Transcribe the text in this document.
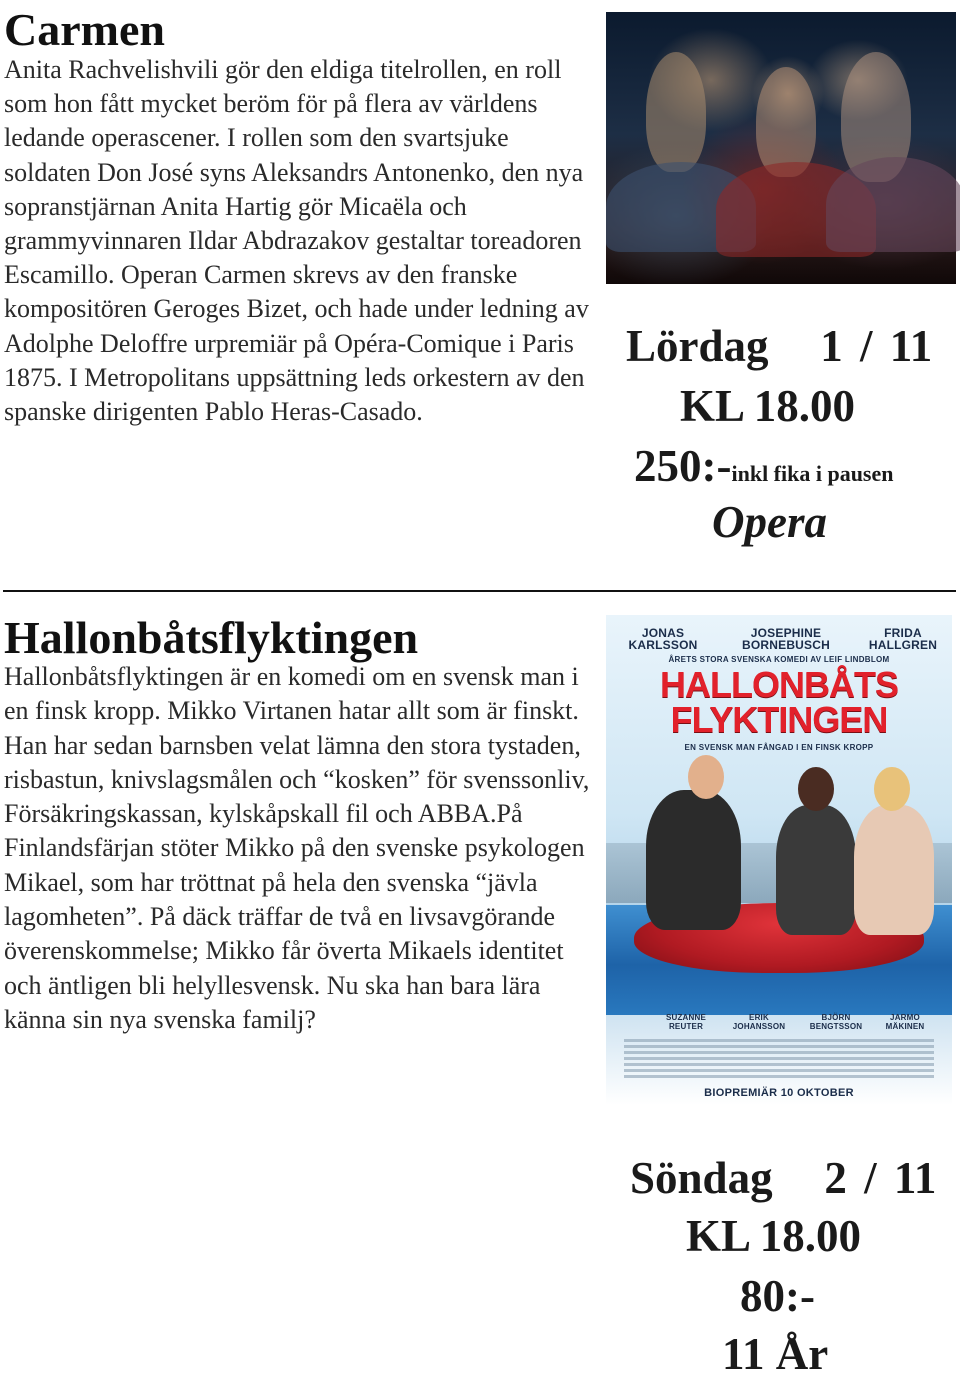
Carmen

Anita Rachvelishvili gör den eldiga titelrollen, en roll som hon fått mycket beröm för på flera av världens ledande operascener. I rollen som den svartsjuke soldaten Don José syns Aleksandrs Antonenko, den nya sopranstjärnan Anita Hartig gör Micaëla och grammyvinnaren Ildar Abdrazakov gestaltar toreadoren Escamillo. Operan Carmen skrevs av den franske kompositören Geroges Bizet, och hade under ledning av Adolphe Deloffre urpremiär på Opéra-Comique i Paris 1875. I Metropolitans uppsättning leds orkestern av den spanske dirigenten Pablo Heras-Casado.

Lördag   1 / 11
KL 18.00
250:-inkl fika i pausen
Opera
Hallonbåtsflyktingen

Hallonbåtsflyktingen är en komedi om en svensk man i en finsk kropp. Mikko Virtanen hatar allt som är finskt. Han har sedan barnsben velat lämna den stora tystaden, risbastun, knivslagsmålen och “kosken” för svenssonliv, Försäkringskassan, kylskåpskall fil och ABBA.På Finlandsfärjan stöter Mikko på den svenske psykologen Mikael, som har tröttnat på hela den svenska “jävla lagomheten”. På däck träffar de två en livsavgörande överenskommelse; Mikko får överta Mikaels identitet och äntligen bli helyllesvensk. Nu ska han bara lära känna sin nya svenska familj?

JONAS
KARLSSON
JOSEPHINE
BORNEBUSCH
FRIDA
HALLGREN
ÅRETS STORA SVENSKA KOMEDI AV LEIF LINDBLOM
HALLONBÅTS
FLYKTINGEN
EN SVENSK MAN FÅNGAD I EN FINSK KROPP
SUZANNE
REUTER
ERIK
JOHANSSON
BJÖRN
BENGTSSON
JARMO
MÄKINEN
BIOPREMIÄR 10 OKTOBER
Söndag   2 / 11
KL 18.00
80:-
11 År
